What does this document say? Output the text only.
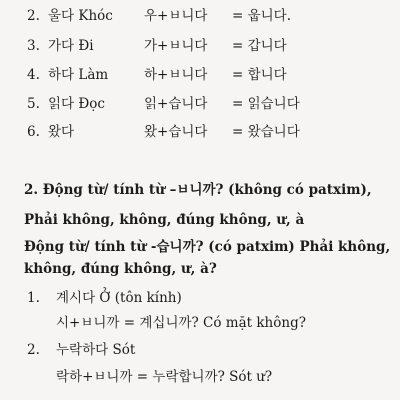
2. 울다 Khóc 우+ㅂ니다 = 웁니다.
3. 가다 Đi	가+ㅂ니다 = 갑니다
4. 하다 Làm	하+ㅂ니다 = 합니다
5. 읽다 Đọc	읽+습니다 = 읽습니다
6. 왔다	왔+습니다 = 왔습니다
2. Động từ/ tính từ –ㅂ니까? (không có patxim),
Phải không, không, đúng không, ư, à
Động từ/ tính từ -습니까? (có patxim) Phải không,
không, đúng không, ư, à?
1. 계시다 Ở (tôn kính)
시+ㅂ니까 = 계십니까? Có mặt không?
2. 누락하다 Sót
락하+ㅂ니까 = 누락합니까? Sót ư?
